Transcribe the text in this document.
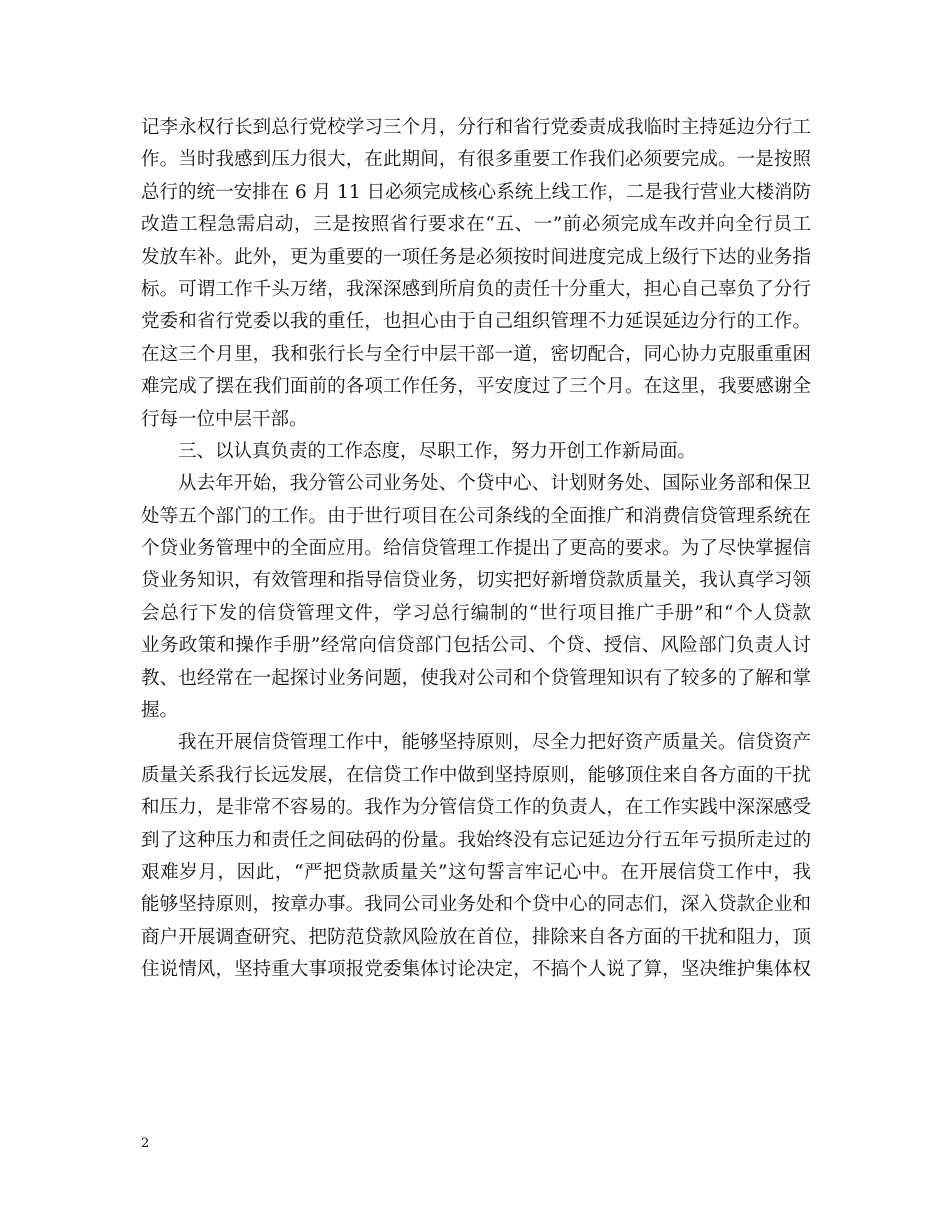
记李永权行长到总行党校学习三个月，分行和省行党委责成我临时主持延边分行工
作。当时我感到压力很大，在此期间，有很多重要工作我们必须要完成。一是按照
总行的统一安排在 6 月 11 日必须完成核心系统上线工作，二是我行营业大楼消防
改造工程急需启动，三是按照省行要求在“五、一”前必须完成车改并向全行员工
发放车补。此外，更为重要的一项任务是必须按时间进度完成上级行下达的业务指
标。可谓工作千头万绪，我深深感到所肩负的责任十分重大，担心自己辜负了分行
党委和省行党委以我的重任，也担心由于自己组织管理不力延误延边分行的工作。
在这三个月里，我和张行长与全行中层干部一道，密切配合，同心协力克服重重困
难完成了摆在我们面前的各项工作任务，平安度过了三个月。在这里，我要感谢全
行每一位中层干部。
三、以认真负责的工作态度，尽职工作，努力开创工作新局面。
从去年开始，我分管公司业务处、个贷中心、计划财务处、国际业务部和保卫
处等五个部门的工作。由于世行项目在公司条线的全面推广和消费信贷管理系统在
个贷业务管理中的全面应用。给信贷管理工作提出了更高的要求。为了尽快掌握信
贷业务知识，有效管理和指导信贷业务，切实把好新增贷款质量关，我认真学习领
会总行下发的信贷管理文件，学习总行编制的“世行项目推广手册”和“个人贷款
业务政策和操作手册”经常向信贷部门包括公司、个贷、授信、风险部门负责人讨
教、也经常在一起探讨业务问题，使我对公司和个贷管理知识有了较多的了解和掌
握。
我在开展信贷管理工作中，能够坚持原则，尽全力把好资产质量关。信贷资产
质量关系我行长远发展，在信贷工作中做到坚持原则，能够顶住来自各方面的干扰
和压力，是非常不容易的。我作为分管信贷工作的负责人，在工作实践中深深感受
到了这种压力和责任之间砝码的份量。我始终没有忘记延边分行五年亏损所走过的
艰难岁月，因此，“严把贷款质量关”这句誓言牢记心中。在开展信贷工作中，我
能够坚持原则，按章办事。我同公司业务处和个贷中心的同志们，深入贷款企业和
商户开展调查研究、把防范贷款风险放在首位，排除来自各方面的干扰和阻力，顶
住说情风，坚持重大事项报党委集体讨论决定，不搞个人说了算，坚决维护集体权
2
